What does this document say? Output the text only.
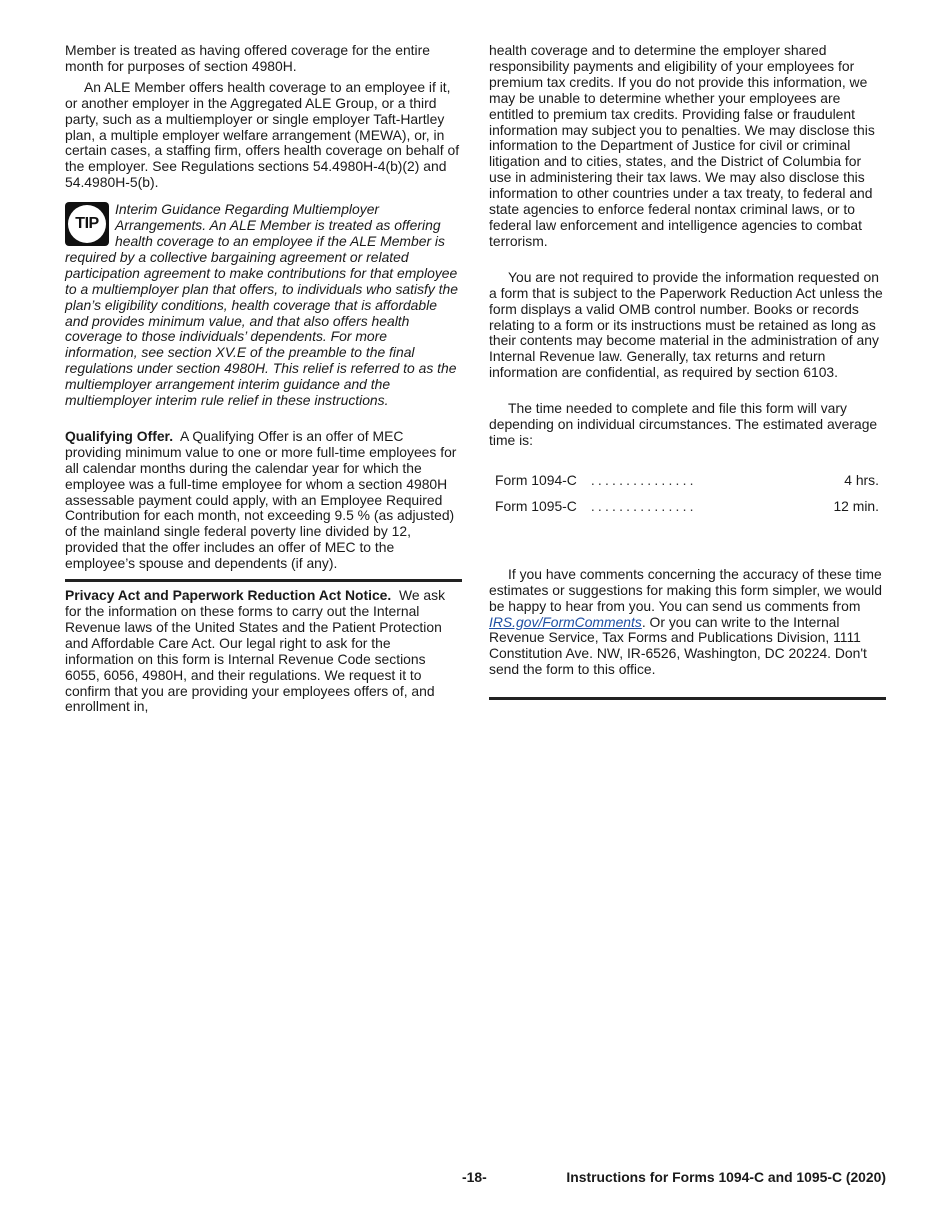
Member is treated as having offered coverage for the entire month for purposes of section 4980H.

An ALE Member offers health coverage to an employee if it, or another employer in the Aggregated ALE Group, or a third party, such as a multiemployer or single employer Taft-Hartley plan, a multiple employer welfare arrangement (MEWA), or, in certain cases, a staffing firm, offers health coverage on behalf of the employer. See Regulations sections 54.4980H-4(b)(2) and 54.4980H-5(b).

TIP
Interim Guidance Regarding Multiemployer Arrangements. An ALE Member is treated as offering health coverage to an employee if the ALE Member is required by a collective bargaining agreement or related participation agreement to make contributions for that employee to a multiemployer plan that offers, to individuals who satisfy the plan’s eligibility conditions, health coverage that is affordable and provides minimum value, and that also offers health coverage to those individuals’ dependents. For more information, see section XV.E of the preamble to the final regulations under section 4980H. This relief is referred to as the multiemployer arrangement interim guidance and the multiemployer interim rule relief in these instructions.

Qualifying Offer. A Qualifying Offer is an offer of MEC providing minimum value to one or more full-time employees for all calendar months during the calendar year for which the employee was a full-time employee for whom a section 4980H assessable payment could apply, with an Employee Required Contribution for each month, not exceeding 9.5 % (as adjusted) of the mainland single federal poverty line divided by 12, provided that the offer includes an offer of MEC to the employee’s spouse and dependents (if any).

Privacy Act and Paperwork Reduction Act Notice. We ask for the information on these forms to carry out the Internal Revenue laws of the United States and the Patient Protection and Affordable Care Act. Our legal right to ask for the information on this form is Internal Revenue Code sections 6055, 6056, 4980H, and their regulations. We request it to confirm that you are providing your employees offers of, and enrollment in,

health coverage and to determine the employer shared responsibility payments and eligibility of your employees for premium tax credits. If you do not provide this information, we may be unable to determine whether your employees are entitled to premium tax credits. Providing false or fraudulent information may subject you to penalties. We may disclose this information to the Department of Justice for civil or criminal litigation and to cities, states, and the District of Columbia for use in administering their tax laws. We may also disclose this information to other countries under a tax treaty, to federal and state agencies to enforce federal nontax criminal laws, or to federal law enforcement and intelligence agencies to combat terrorism.

You are not required to provide the information requested on a form that is subject to the Paperwork Reduction Act unless the form displays a valid OMB control number. Books or records relating to a form or its instructions must be retained as long as their contents may become material in the administration of any Internal Revenue law. Generally, tax returns and return information are confidential, as required by section 6103.

The time needed to complete and file this form will vary depending on individual circumstances. The estimated average time is:

Form 1094-C ...............	4 hrs.
Form 1095-C ...............	12 min.

If you have comments concerning the accuracy of these time estimates or suggestions for making this form simpler, we would be happy to hear from you. You can send us comments from IRS.gov/FormComments. Or you can write to the Internal Revenue Service, Tax Forms and Publications Division, 1111 Constitution Ave. NW, IR-6526, Washington, DC 20224. Don't send the form to this office.

-18-	Instructions for Forms 1094-C and 1095-C (2020)
